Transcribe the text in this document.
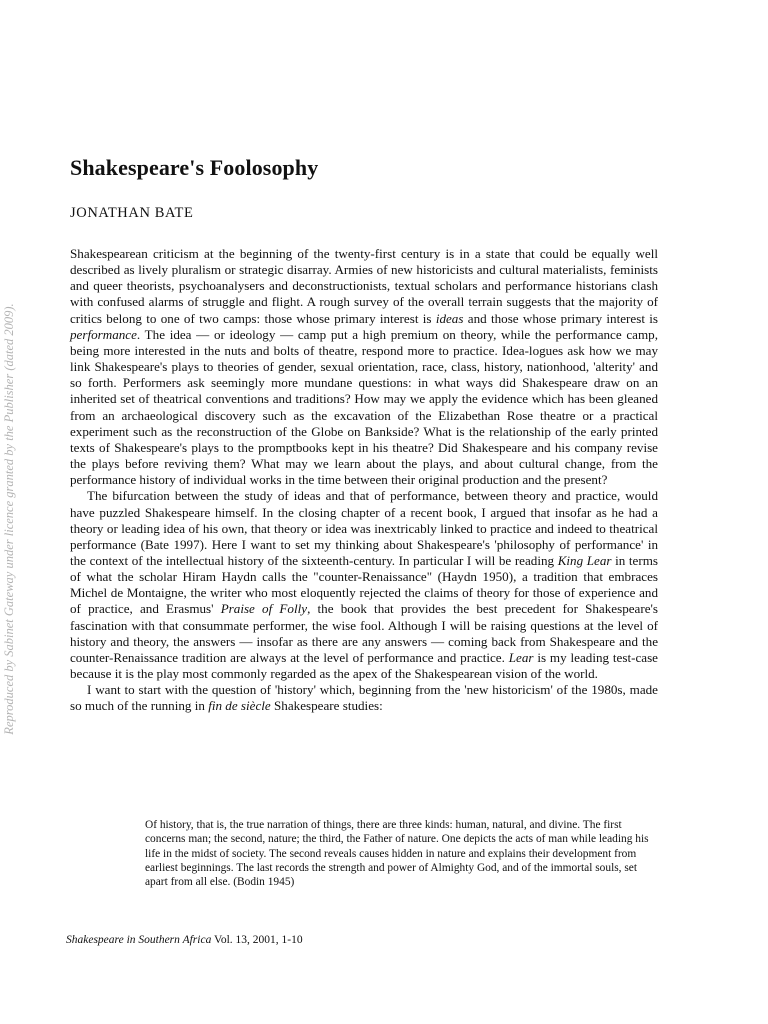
Reproduced by Sabinet Gateway under licence granted by the Publisher (dated 2009).
Shakespeare's Foolosophy
JONATHAN BATE

Shakespearean criticism at the beginning of the twenty-first century is in a state that could be equally well described as lively pluralism or strategic disarray. Armies of new historicists and cultural materialists, feminists and queer theorists, psychoanalysers and deconstructionists, textual scholars and performance historians clash with confused alarms of struggle and flight. A rough survey of the overall terrain suggests that the majority of critics belong to one of two camps: those whose primary interest is ideas and those whose primary interest is performance. The idea — or ideology — camp put a high premium on theory, while the performance camp, being more interested in the nuts and bolts of theatre, respond more to practice. Idea-logues ask how we may link Shakespeare's plays to theories of gender, sexual orientation, race, class, history, nationhood, 'alterity' and so forth. Performers ask seemingly more mundane questions: in what ways did Shakespeare draw on an inherited set of theatrical conventions and traditions? How may we apply the evidence which has been gleaned from an archaeological discovery such as the excavation of the Elizabethan Rose theatre or a practical experiment such as the reconstruction of the Globe on Bankside? What is the relationship of the early printed texts of Shakespeare's plays to the promptbooks kept in his theatre? Did Shakespeare and his company revise the plays before reviving them? What may we learn about the plays, and about cultural change, from the performance history of individual works in the time between their original production and the present?

The bifurcation between the study of ideas and that of performance, between theory and practice, would have puzzled Shakespeare himself. In the closing chapter of a recent book, I argued that insofar as he had a theory or leading idea of his own, that theory or idea was inextricably linked to practice and indeed to theatrical performance (Bate 1997). Here I want to set my thinking about Shakespeare's 'philosophy of performance' in the context of the intellectual history of the sixteenth-century. In particular I will be reading King Lear in terms of what the scholar Hiram Haydn calls the "counter-Renaissance" (Haydn 1950), a tradition that embraces Michel de Montaigne, the writer who most eloquently rejected the claims of theory for those of experience and of practice, and Erasmus' Praise of Folly, the book that provides the best precedent for Shakespeare's fascination with that consummate performer, the wise fool. Although I will be raising questions at the level of history and theory, the answers — insofar as there are any answers — coming back from Shakespeare and the counter-Renaissance tradition are always at the level of performance and practice. Lear is my leading test-case because it is the play most commonly regarded as the apex of the Shakespearean vision of the world.

I want to start with the question of 'history' which, beginning from the 'new historicism' of the 1980s, made so much of the running in fin de siècle Shakespeare studies:

Of history, that is, the true narration of things, there are three kinds: human, natural, and divine. The first concerns man; the second, nature; the third, the Father of nature. One depicts the acts of man while leading his life in the midst of society. The second reveals causes hidden in nature and explains their development from earliest beginnings. The last records the strength and power of Almighty God, and of the immortal souls, set apart from all else. (Bodin 1945)
Shakespeare in Southern Africa Vol. 13, 2001, 1-10
